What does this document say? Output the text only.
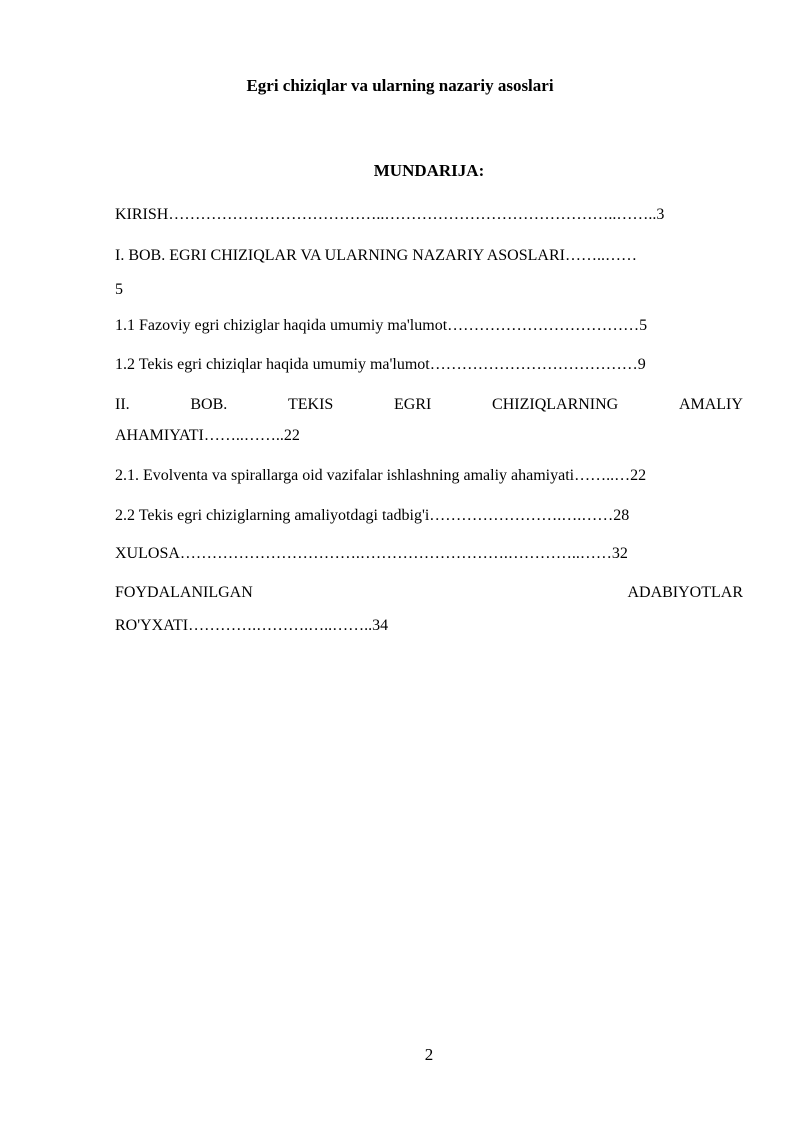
Egri chiziqlar va ularning nazariy asoslari
MUNDARIJA:
KIRISH…………………………………..……………………………………..……..3
I. BOB. EGRI CHIZIQLAR VA ULARNING NAZARIY ASOSLARI……..……
5
1.1 Fazoviy egri chiziglar haqida umumiy ma'lumot………………………………5
1.2 Tekis egri chiziqlar haqida umumiy ma'lumot…………………………………9
II.	BOB.	TEKIS	EGRI	CHIZIQLARNING	AMALIY
AHAMIYATI……..……..22
2.1. Evolventa va spirallarga oid vazifalar ishlashning amaliy ahamiyati……..…22
2.2 Tekis egri chiziglarning amaliyotdagi tadbig'i…………………….….……28
XULOSA…………………………….……………………….…………..……32
FOYDALANILGAN	ADABIYOTLAR
RO'YXATI………….……….…..……..34
2
